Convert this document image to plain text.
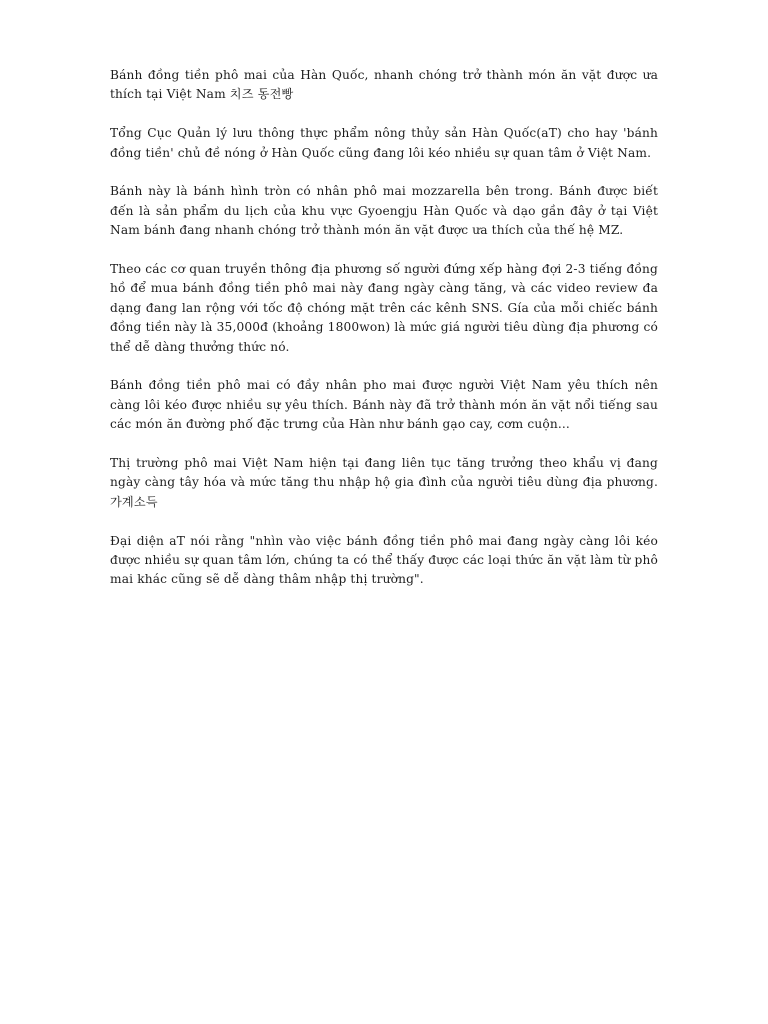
Bánh đồng tiền phô mai của Hàn Quốc, nhanh chóng trở thành món ăn vặt được ưa thích tại Việt Nam 치즈 동전빵

Tổng Cục Quản lý lưu thông thực phẩm nông thủy sản Hàn Quốc(aT) cho hay 'bánh đồng tiền' chủ đề nóng ở Hàn Quốc cũng đang lôi kéo nhiều sự quan tâm ở Việt Nam.

Bánh này là bánh hình tròn có nhân phô mai mozzarella bên trong. Bánh được biết đến là sản phẩm du lịch của khu vực Gyoengju Hàn Quốc và dạo gần đây ở tại Việt Nam bánh đang nhanh chóng trở thành món ăn vặt được ưa thích của thế hệ MZ.

Theo các cơ quan truyền thông địa phương số người đứng xếp hàng đợi 2-3 tiếng đồng hồ để mua bánh đồng tiền phô mai này đang ngày càng tăng, và các video review đa dạng đang lan rộng với tốc độ chóng mặt trên các kênh SNS. Gía của mỗi chiếc bánh đồng tiền này là 35,000đ (khoảng 1800won) là mức giá người tiêu dùng địa phương có thể dễ dàng thưởng thức nó.

Bánh đồng tiền phô mai có đầy nhân pho mai được người Việt Nam yêu thích nên càng lôi kéo được nhiều sự yêu thích. Bánh này đã trở thành món ăn vặt nổi tiếng sau các món ăn đường phố đặc trưng của Hàn như bánh gạo cay, cơm cuộn...

Thị trường phô mai Việt Nam hiện tại đang liên tục tăng trưởng theo khẩu vị đang ngày càng tây hóa và mức tăng thu nhập hộ gia đình của người tiêu dùng địa phương. 가계소득

Đại diện aT nói rằng "nhìn vào việc bánh đồng tiền phô mai đang ngày càng lôi kéo được nhiều sự quan tâm lớn, chúng ta có thể thấy được các loại thức ăn vặt làm từ phô mai khác cũng sẽ dễ dàng thâm nhập thị trường".
